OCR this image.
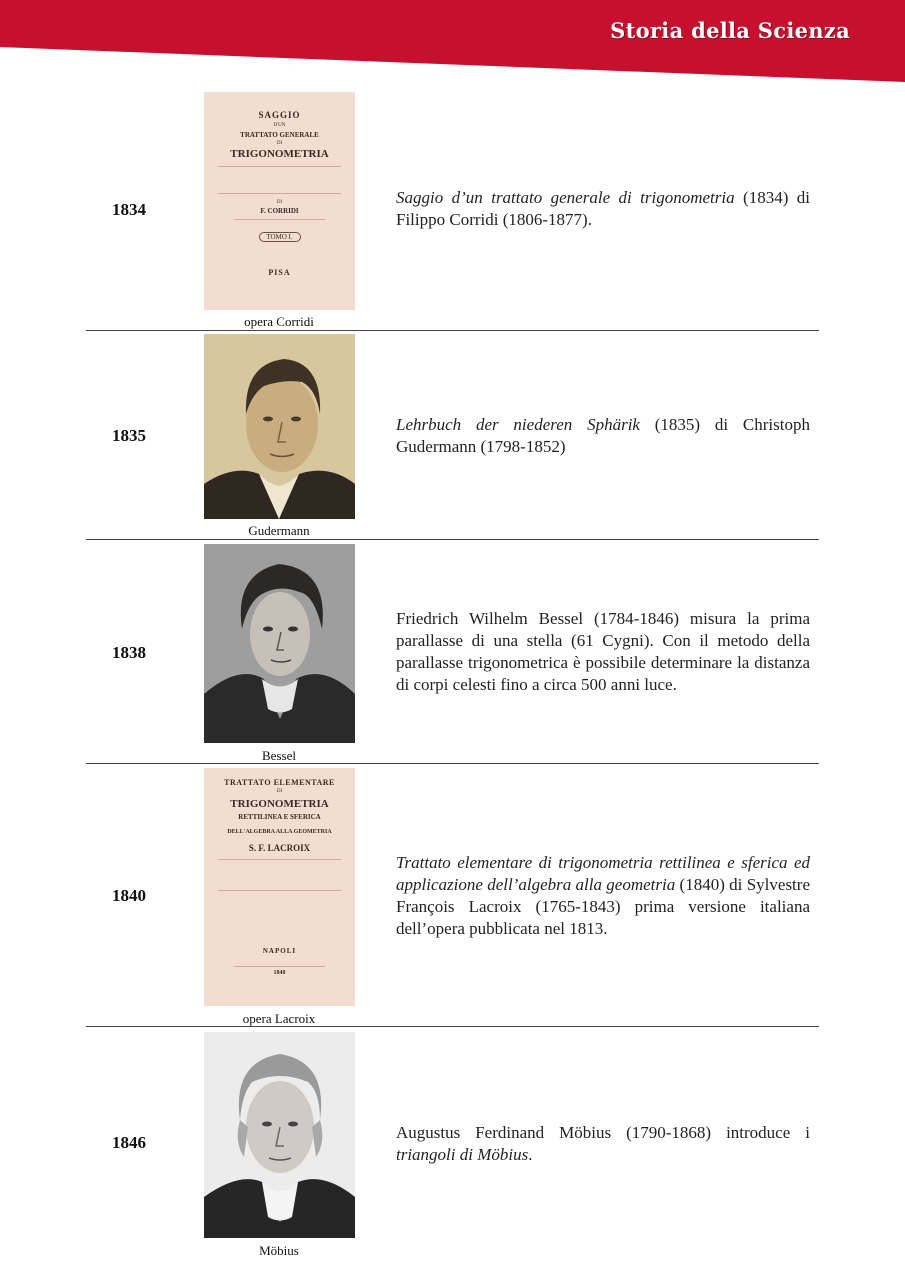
Storia della Scienza
1834
SAGGIO
D'UN
TRATTATO GENERALE
DI
TRIGONOMETRIA
DI
F. CORRIDI
TOMO I.
PISA
opera Corridi
Saggio d’un trattato generale di trigonometria (1834) di Filippo Corridi (1806-1877).
1835
Gudermann
Lehrbuch der niederen Sphärik (1835) di Christoph Gudermann (1798-1852)
1838
Bessel
Friedrich Wilhelm Bessel (1784-1846) misura la prima parallasse di una stella (61 Cygni). Con il metodo della parallasse trigonometrica è possibile determinare la distanza di corpi celesti fino a circa 500 anni luce.
1840
TRATTATO ELEMENTARE
DI
TRIGONOMETRIA
RETTILINEA E SFERICA
DELL'ALGEBRA ALLA GEOMETRIA
S. F. LACROIX
NAPOLI
1840
opera Lacroix
Trattato elementare di trigonometria rettilinea e sferica ed applicazione dell’algebra alla geometria (1840) di Sylvestre François Lacroix (1765-1843) prima versione italiana dell’opera pubblicata nel 1813.
1846
Möbius
Augustus Ferdinand Möbius (1790-1868) introduce i triangoli di Möbius.
